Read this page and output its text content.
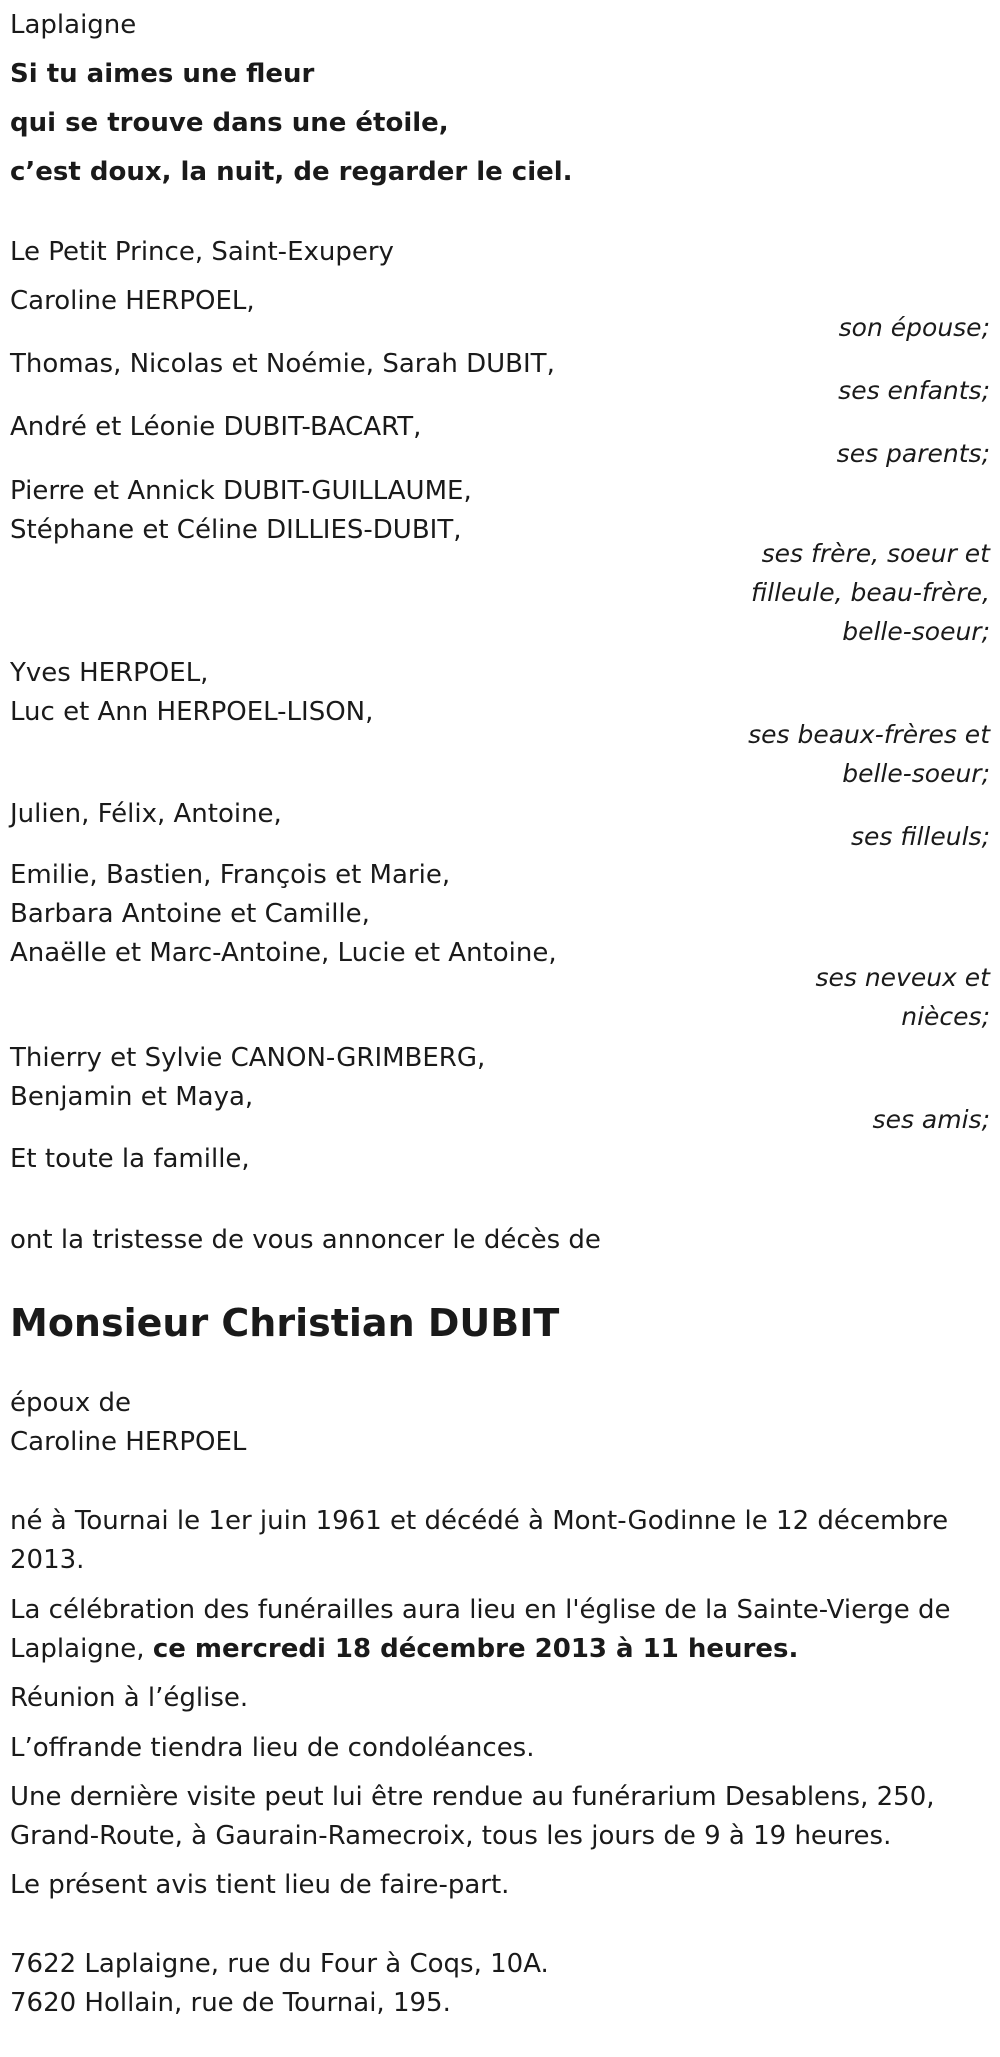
Laplaigne
Si tu aimes une fleur
qui se trouve dans une étoile,
c’est doux, la nuit, de regarder le ciel.
Le Petit Prince, Saint-Exupery
Caroline HERPOEL,
son épouse;
Thomas, Nicolas et Noémie, Sarah DUBIT,
ses enfants;
André et Léonie DUBIT-BACART,
ses parents;
Pierre et Annick DUBIT-GUILLAUME,
Stéphane et Céline DILLIES-DUBIT,
ses frère, soeur et
filleule, beau-frère,
belle-soeur;
Yves HERPOEL,
Luc et Ann HERPOEL-LISON,
ses beaux-frères et
belle-soeur;
Julien, Félix, Antoine,
ses filleuls;
Emilie, Bastien, François et Marie,
Barbara Antoine et Camille,
Anaëlle et Marc-Antoine, Lucie et Antoine,
ses neveux et
nièces;
Thierry et Sylvie CANON-GRIMBERG,
Benjamin et Maya,
ses amis;
Et toute la famille,
ont la tristesse de vous annoncer le décès de
Monsieur Christian DUBIT
époux de
Caroline HERPOEL
né à Tournai le 1er juin 1961 et décédé à Mont-Godinne le 12 décembre
2013.
La célébration des funérailles aura lieu en l'église de la Sainte-Vierge de
Laplaigne, ce mercredi 18 décembre 2013 à 11 heures.
Réunion à l’église.
L’offrande tiendra lieu de condoléances.
Une dernière visite peut lui être rendue au funérarium Desablens, 250,
Grand-Route, à Gaurain-Ramecroix, tous les jours de 9 à 19 heures.
Le présent avis tient lieu de faire-part.
7622 Laplaigne, rue du Four à Coqs, 10A.
7620 Hollain, rue de Tournai, 195.
